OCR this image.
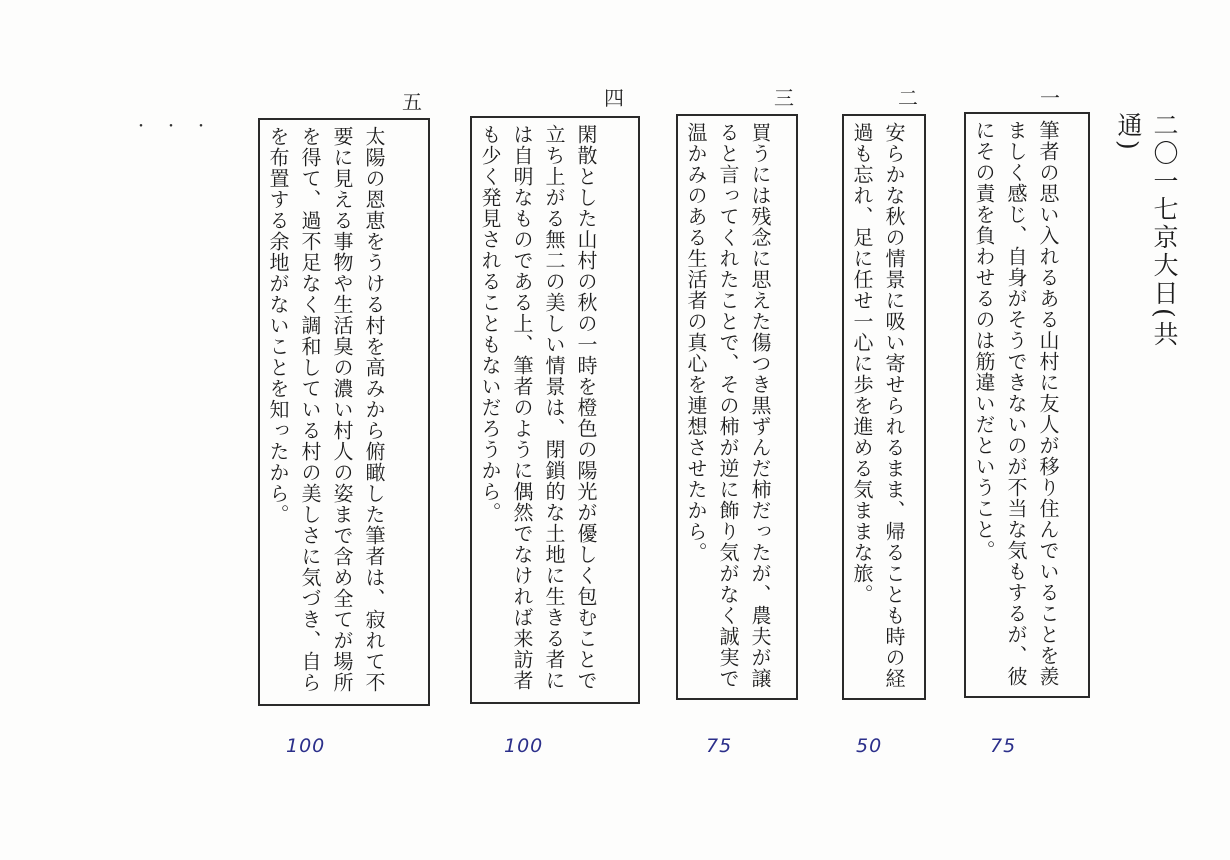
二〇一七京大日(共通)
・・・
一
筆者の思い入れるある山村に友人が移り住んでいることを羨ましく感じ、自身がそうできないのが不当な気もするが、彼にその責を負わせるのは筋違いだということ。
75
二
安らかな秋の情景に吸い寄せられるまま、帰ることも時の経過も忘れ、足に任せ一心に歩を進める気ままな旅。
50
三
買うには残念に思えた傷つき黒ずんだ柿だったが、農夫が譲ると言ってくれたことで、その柿が逆に飾り気がなく誠実で温かみのある生活者の真心を連想させたから。
75
四
閑散とした山村の秋の一時を橙色の陽光が優しく包むことで立ち上がる無二の美しい情景は、閉鎖的な土地に生きる者には自明なものである上、筆者のように偶然でなければ来訪者も少く発見されることもないだろうから。
100
五
太陽の恩恵をうける村を高みから俯瞰した筆者は、寂れて不要に見える事物や生活臭の濃い村人の姿まで含め全てが場所を得て、過不足なく調和している村の美しさに気づき、自らを布置する余地がないことを知ったから。
100
